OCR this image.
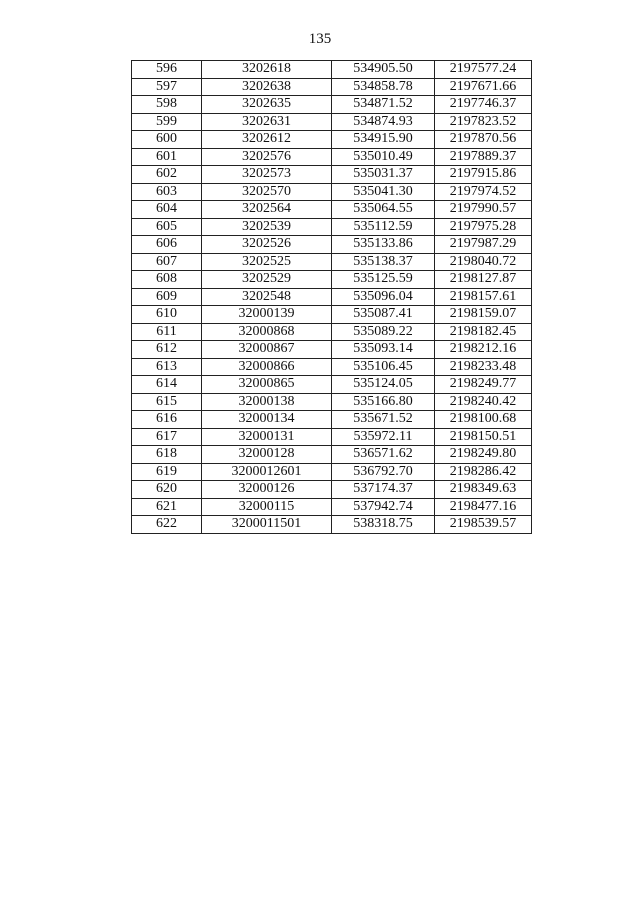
135
596	3202618	534905.50	2197577.24
597	3202638	534858.78	2197671.66
598	3202635	534871.52	2197746.37
599	3202631	534874.93	2197823.52
600	3202612	534915.90	2197870.56
601	3202576	535010.49	2197889.37
602	3202573	535031.37	2197915.86
603	3202570	535041.30	2197974.52
604	3202564	535064.55	2197990.57
605	3202539	535112.59	2197975.28
606	3202526	535133.86	2197987.29
607	3202525	535138.37	2198040.72
608	3202529	535125.59	2198127.87
609	3202548	535096.04	2198157.61
610	32000139	535087.41	2198159.07
611	32000868	535089.22	2198182.45
612	32000867	535093.14	2198212.16
613	32000866	535106.45	2198233.48
614	32000865	535124.05	2198249.77
615	32000138	535166.80	2198240.42
616	32000134	535671.52	2198100.68
617	32000131	535972.11	2198150.51
618	32000128	536571.62	2198249.80
619	3200012601	536792.70	2198286.42
620	32000126	537174.37	2198349.63
621	32000115	537942.74	2198477.16
622	3200011501	538318.75	2198539.57
